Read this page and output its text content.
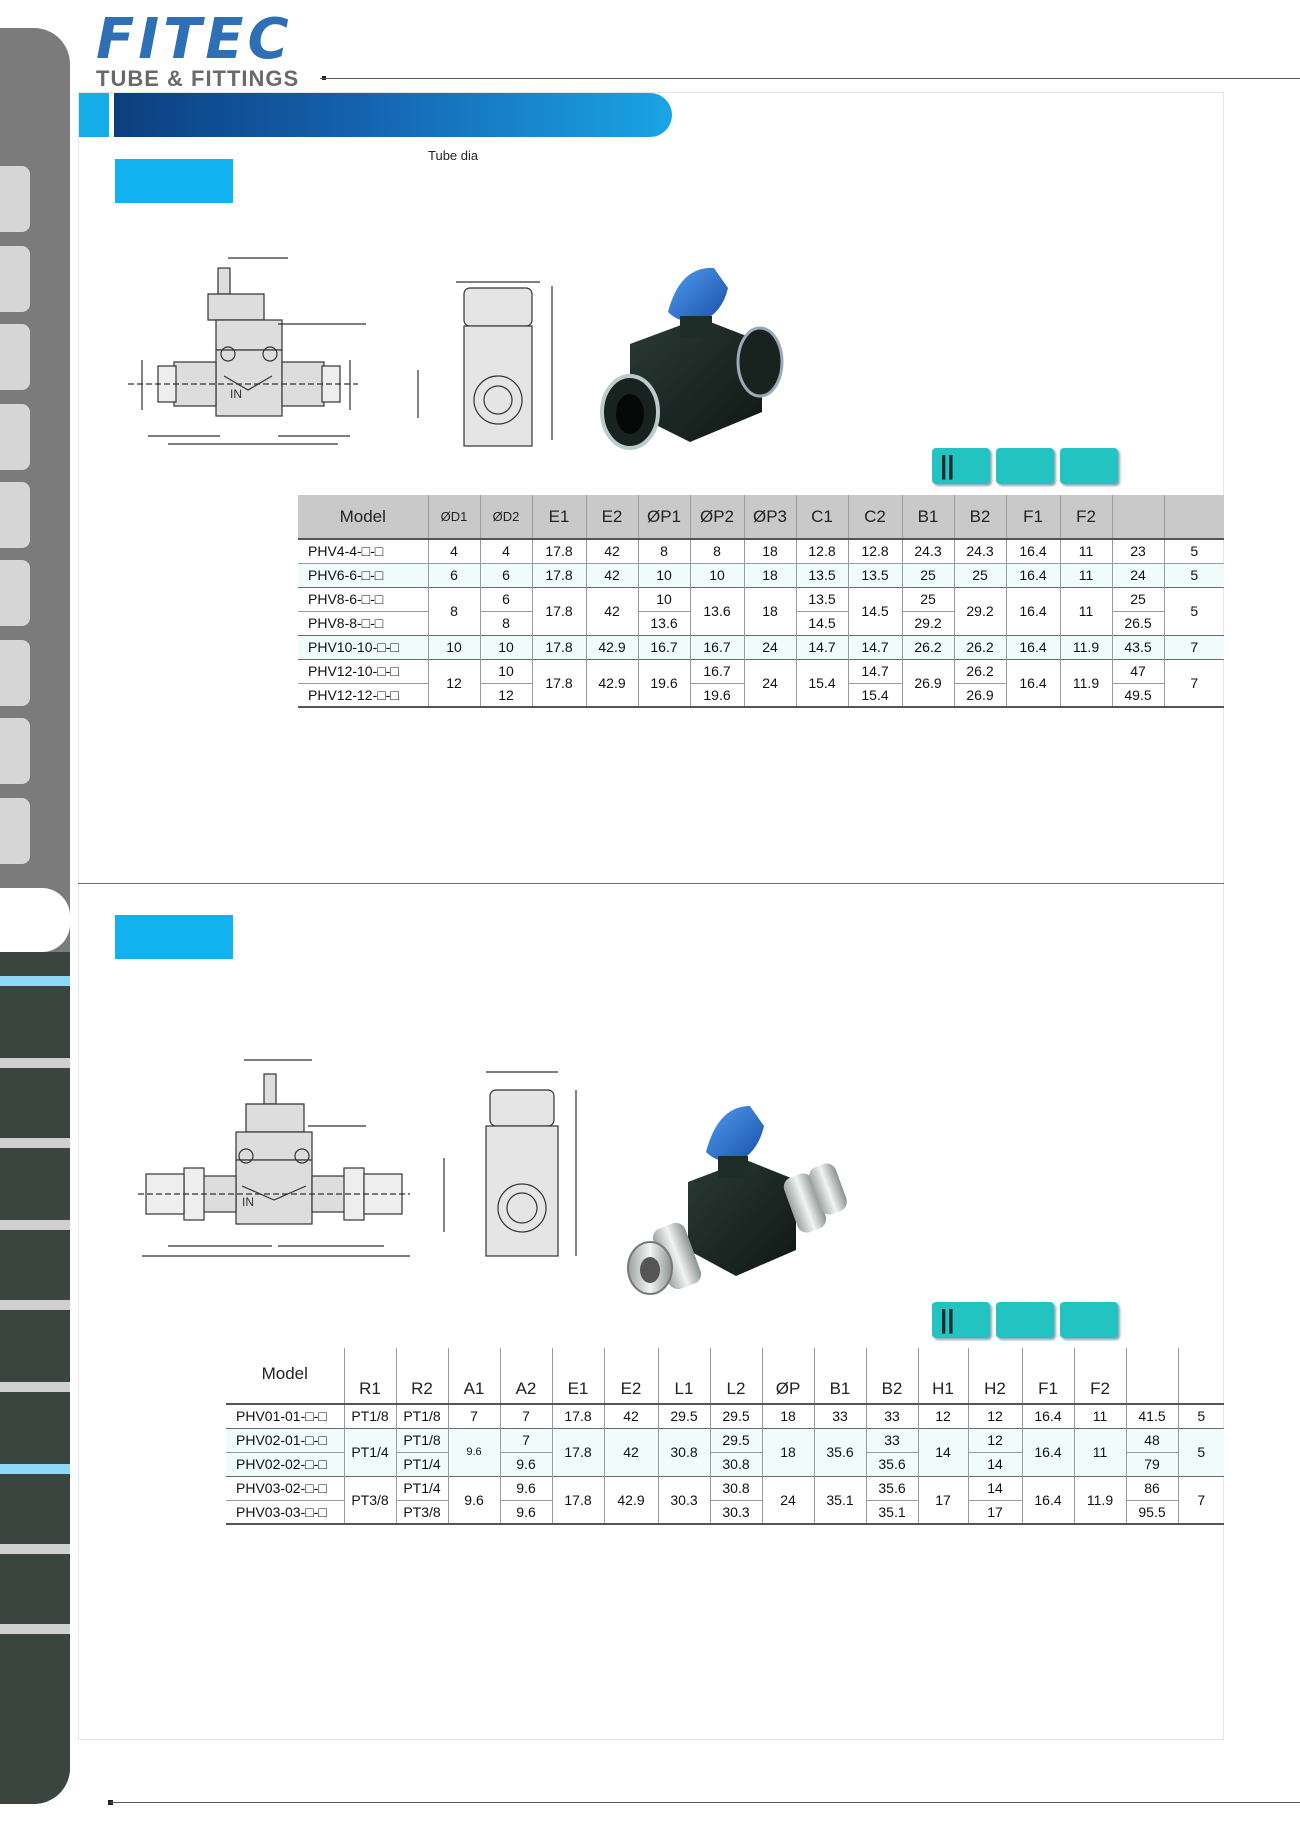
FITEC
TUBE & FITTINGS
Tube dia
IN
||
Model	ØD1	ØD2	E1	E2	ØP1	ØP2	ØP3	C1	C2	B1	B2	F1	F2		
PHV4-4-□-□	4	4	17.8	42	8	8	18	12.8	12.8	24.3	24.3	16.4	11	23	5
PHV6-6-□-□	6	6	17.8	42	10	10	18	13.5	13.5	25	25	16.4	11	24	5
PHV8-6-□-□	8	6	17.8	42	10	13.6	18	13.5	14.5	25	29.2	16.4	11	25	5
PHV8-8-□-□		8			13.6			14.5		29.2				26.5	
PHV10-10-□-□	10	10	17.8	42.9	16.7	16.7	24	14.7	14.7	26.2	26.2	16.4	11.9	43.5	7
PHV12-10-□-□	12	10	17.8	42.9	19.6	16.7	24	15.4	14.7	26.9	26.2	16.4	11.9	47	7
PHV12-12-□-□		12				19.6			15.4		26.9			49.5	
IN
||
Model	R1	R2	A1	A2	E1	E2	L1	L2	ØP	B1	B2	H1	H2	F1	F2		
PHV01-01-□-□	PT1/8	PT1/8	7	7	17.8	42	29.5	29.5	18	33	33	12	12	16.4	11	41.5	5
PHV02-01-□-□	PT1/4	PT1/8	9.6	7	17.8	42	30.8	29.5	18	35.6	33	14	12	16.4	11	48	5
PHV02-02-□-□		PT1/4		9.6				30.8			35.6		14			79	
PHV03-02-□-□	PT3/8	PT1/4	9.6	9.6	17.8	42.9	30.3	30.8	24	35.1	35.6	17	14	16.4	11.9	86	7
PHV03-03-□-□		PT3/8		9.6				30.3			35.1		17			95.5	
